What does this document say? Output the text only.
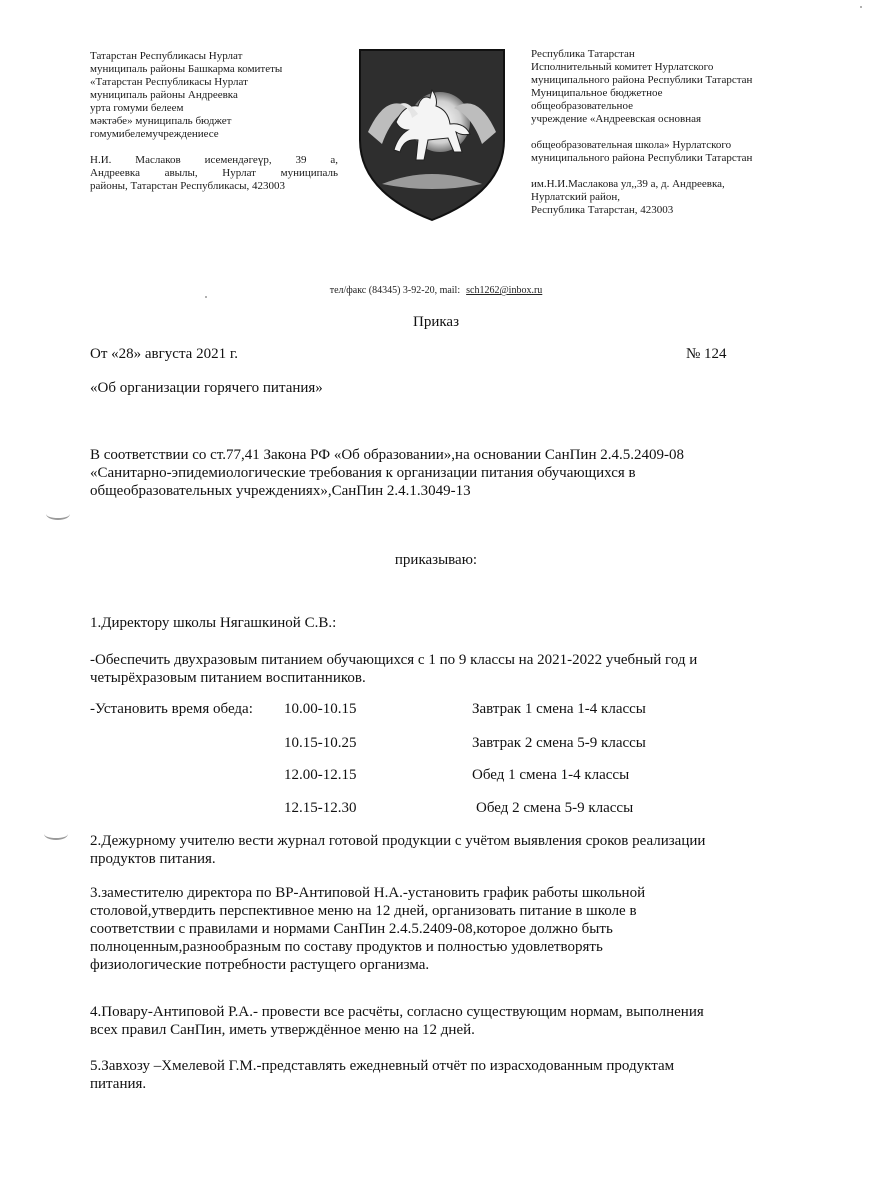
Татарстан Республикасы Нурлат
муниципаль районы Башкарма комитеты
«Татарстан Республикасы Нурлат
муниципаль районы Андреевка
урта гомуми белеем
мәктәбе» муниципаль бюджет
гомумибелемучреждениесе
Н.И. Маслаков исемендәгеүр, 39 а,
Андреевка авылы, Нурлат муниципаль
районы, Татарстан Республикасы, 423003
Республика Татарстан
Исполнительный комитет Нурлатского
муниципального района Республики Татарстан
Муниципальное бюджетное
общеобразовательное
учреждение «Андреевская основная
общеобразовательная школа» Нурлатского
муниципального района Республики Татарстан
им.Н.И.Маслакова ул,,39 а, д. Андреевка,
Нурлатский район,
Республика Татарстан, 423003
тел/факс (84345) 3-92-20, mail: sch1262@inbox.ru
Приказ
От «28» августа 2021 г.	№ 124
«Об организации горячего питания»
В соответствии со ст.77,41 Закона РФ «Об образовании»,на основании СанПин 2.4.5.2409-08
«Санитарно-эпидемиологические требования к организации питания обучающихся в
общеобразовательных учреждениях»,СанПин 2.4.1.3049-13
приказываю:
1.Директору школы Нягашкиной С.В.:
-Обеспечить двухразовым питанием обучающихся с 1 по 9 классы на 2021-2022 учебный год и
четырёхразовым питанием воспитанников.
-Установить время обеда: 10.00-10.15	Завтрак 1 смена 1-4 классы
10.15-10.25	Завтрак 2 смена 5-9 классы
12.00-12.15	Обед 1 смена 1-4 классы
12.15-12.30	Обед 2 смена 5-9 классы
2.Дежурному учителю вести журнал готовой продукции с учётом выявления сроков реализации
продуктов питания.
3.заместителю директора по ВР-Антиповой Н.А.-установить график работы школьной
столовой,утвердить перспективное меню на 12 дней, организовать питание в школе в
соответствии с правилами и нормами СанПин 2.4.5.2409-08,которое должно быть
полноценным,разнообразным по составу продуктов и полностью удовлетворять
физиологические потребности растущего организма.
4.Повару-Антиповой Р.А.- провести все расчёты, согласно существующим нормам, выполнения
всех правил СанПин, иметь утверждённое меню на 12 дней.
5.Завхозу –Хмелевой Г.М.-представлять ежедневный отчёт по израсходованным продуктам
питания.
